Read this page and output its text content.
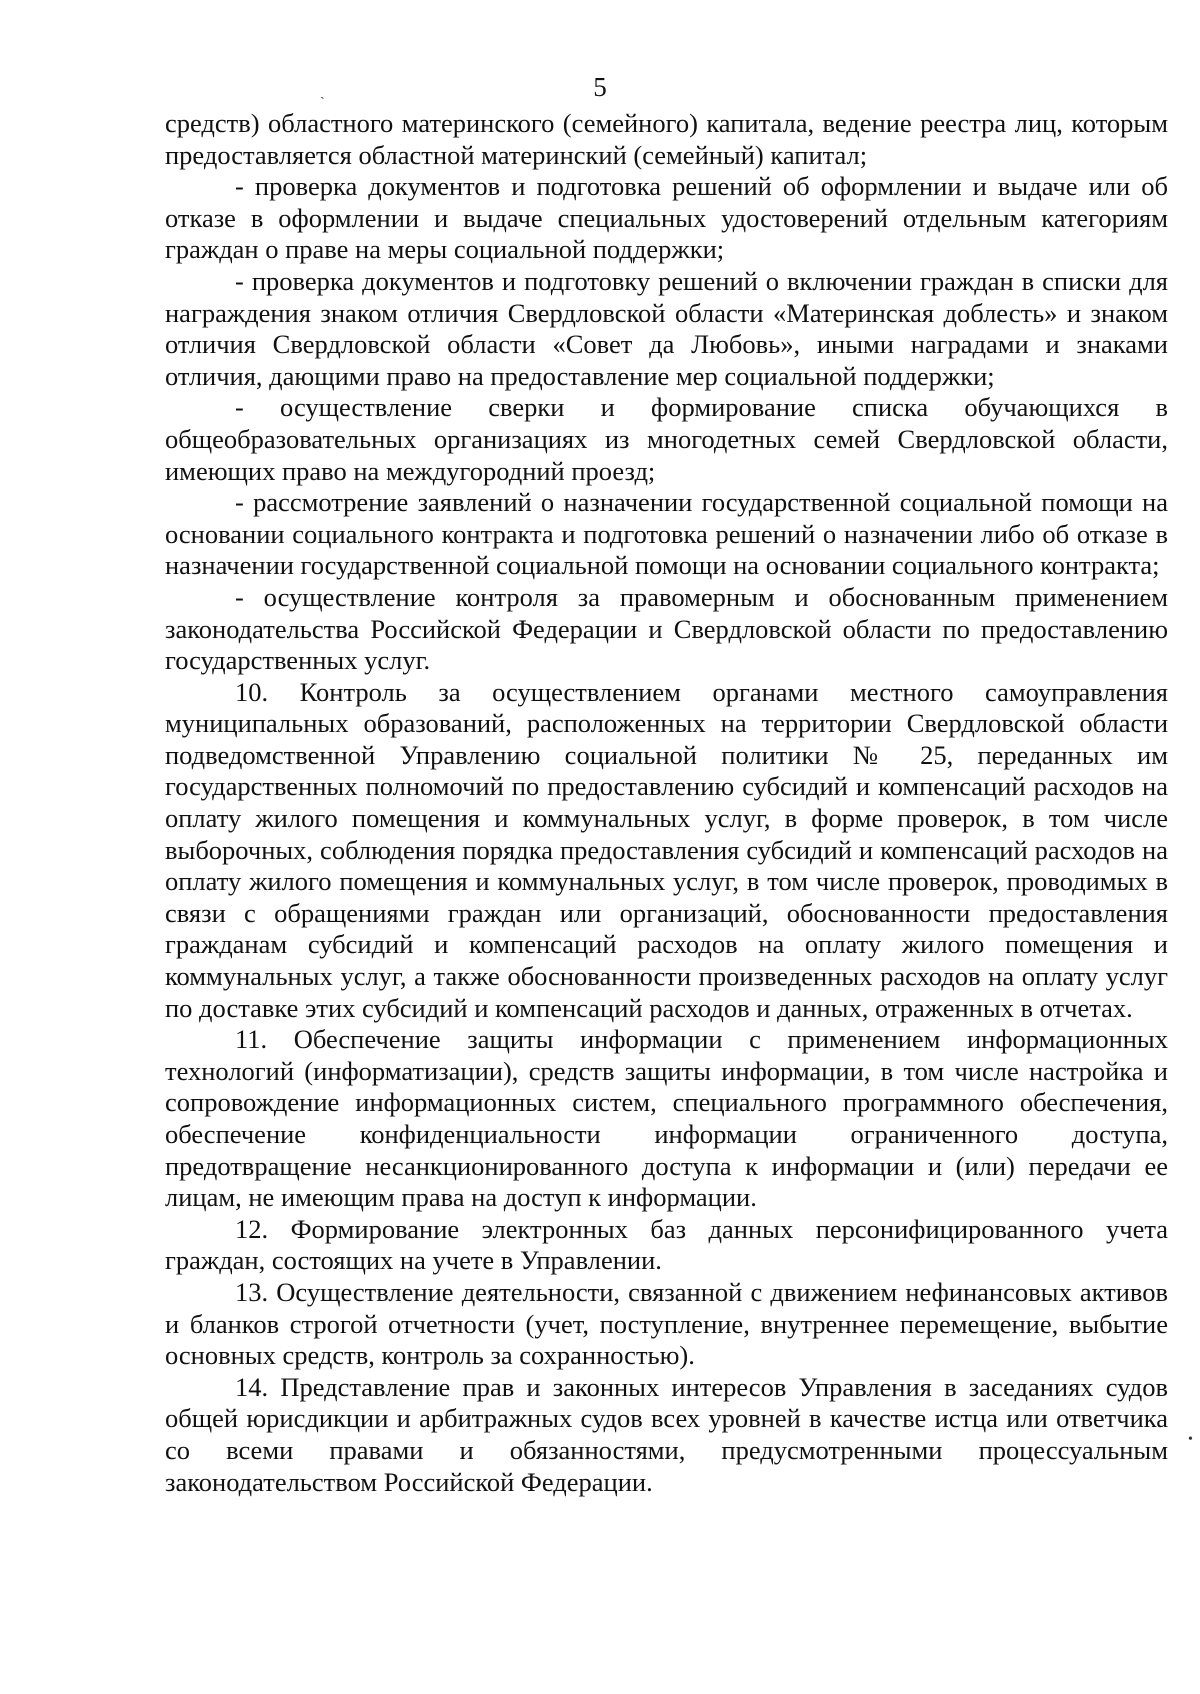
5
ˎ
•

средств) областного материнского (семейного) капитала, ведение реестра лиц, которым предоставляется областной материнский (семейный) капитал;

- проверка документов и подготовка решений об оформлении и выдаче или об отказе в оформлении и выдаче специальных удостоверений отдельным категориям граждан о праве на меры социальной поддержки;

- проверка документов и подготовку решений о включении граждан в списки для награждения знаком отличия Свердловской области «Материнская доблесть» и знаком отличия Свердловской области «Совет да Любовь», иными наградами и знаками отличия, дающими право на предоставление мер социальной поддержки;

- осуществление сверки и формирование списка обучающихся в общеобразовательных организациях из многодетных семей Свердловской области, имеющих право на междугородний проезд;

- рассмотрение заявлений о назначении государственной социальной помощи на основании социального контракта и подготовка решений о назначении либо об отказе в назначении государственной социальной помощи на основании социального контракта;

- осуществление контроля за правомерным и обоснованным применением законодательства Российской Федерации и Свердловской области по предоставлению государственных услуг.

10. Контроль за осуществлением органами местного самоуправления муниципальных образований, расположенных на территории Свердловской области подведомственной Управлению социальной политики № 25, переданных им государственных полномочий по предоставлению субсидий и компенсаций расходов на оплату жилого помещения и коммунальных услуг, в форме проверок, в том числе выборочных, соблюдения порядка предоставления субсидий и компенсаций расходов на оплату жилого помещения и коммунальных услуг, в том числе проверок, проводимых в связи с обращениями граждан или организаций, обоснованности предоставления гражданам субсидий и компенсаций расходов на оплату жилого помещения и коммунальных услуг, а также обоснованности произведенных расходов на оплату услуг по доставке этих субсидий и компенсаций расходов и данных, отраженных в отчетах.

11. Обеспечение защиты информации с применением информационных технологий (информатизации), средств защиты информации, в том числе настройка и сопровождение информационных систем, специального программного обеспечения, обеспечение конфиденциальности информации ограниченного доступа, предотвращение несанкционированного доступа к информации и (или) передачи ее лицам, не имеющим права на доступ к информации.

12. Формирование электронных баз данных персонифицированного учета граждан, состоящих на учете в Управлении.

13. Осуществление деятельности, связанной с движением нефинансовых активов и бланков строгой отчетности (учет, поступление, внутреннее перемещение, выбытие основных средств, контроль за сохранностью).

14. Представление прав и законных интересов Управления в заседаниях судов общей юрисдикции и арбитражных судов всех уровней в качестве истца или ответчика со всеми правами и обязанностями, предусмотренными процессуальным законодательством Российской Федерации.
